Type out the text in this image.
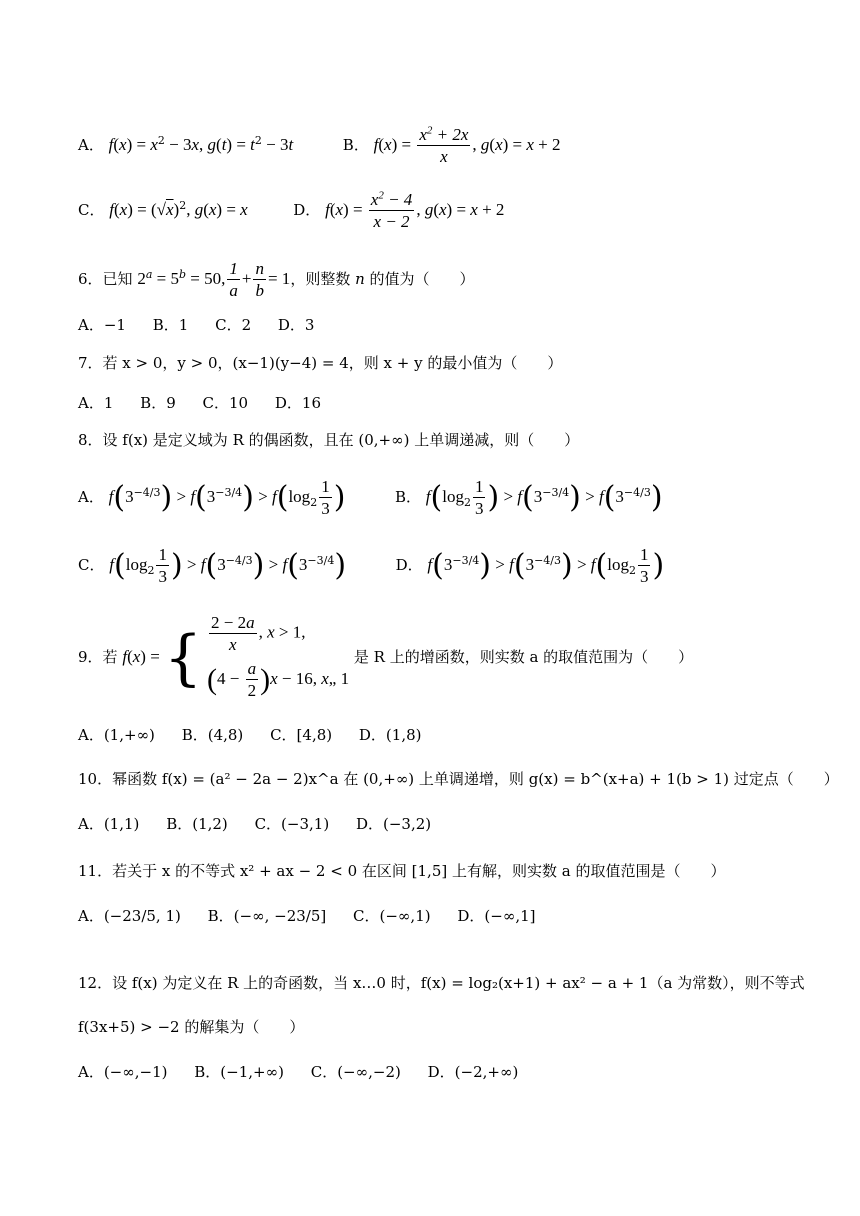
A． $f(x) = x^2 - 3x$, $g(t) = t^2 - 3t$	B． $f(x) = \frac{x^2 + 2x}{x}$ , g(x) = x + 2
C． $f(x) = (√x)^2$, g(x) = x	D． $f(x) = \frac{x^2 - 4}{x - 2}$ , g(x) = x + 2
6．已知 $2^a = 5^b = 50$, $\frac{1}{a} + \frac{n}{b} = 1$，则整数 n 的值为（　　）
A．−1 B．1 C．2 D．3
7．若 x > 0，y > 0，(x−1)(y−4) = 4，则 x + y 的最小值为（　　）
A．1 B．9 C．10 D．16
8．设 f(x) 是定义域为 R 的偶函数，且在 (0,+∞) 上单调递减，则（　　）
A． $f(3^{-4/3}) > f(3^{-3/4}) > f(\log_2 \frac{1}{3}$ )	B． $f(\log_2 \frac{1}{3}$ ) > $f(3^{-3/4}) > f(3^{-4/3})$
C． $f(\log_2 \frac{1}{3}$ ) > $f(3^{-4/3}) > f(3^{-3/4})$	D． $f(3^{-3/4}) > f(3^{-4/3}) > f(\log_2 \frac{1}{3}$ )
9．若 f(x) = { $\frac{2 - 2a}{x}$ , x > 1,
$(4 - \frac{a}{2} )x - 16$, x„ 1
是 R 上的增函数，则实数 a 的取值范围为（　　）
A．(1,+∞) B．(4,8) C．[4,8) D．(1,8)
10．幂函数 f(x) = (a² − 2a − 2)x^a 在 (0,+∞) 上单调递增，则 g(x) = b^(x+a) + 1(b > 1) 过定点（　　）
A．(1,1) B．(1,2) C．(−3,1) D．(−3,2)
11．若关于 x 的不等式 x² + ax − 2 < 0 在区间 [1,5] 上有解，则实数 a 的取值范围是（　　）
A．(−23/5, 1) B．(−∞, −23/5] C．(−∞,1) D．(−∞,1]
12．设 f(x) 为定义在 R 上的奇函数，当 x…0 时，f(x) = log₂(x+1) + ax² − a + 1（a 为常数），则不等式
f(3x+5) > −2 的解集为（　　）
A．(−∞,−1) B．(−1,+∞) C．(−∞,−2) D．(−2,+∞)
